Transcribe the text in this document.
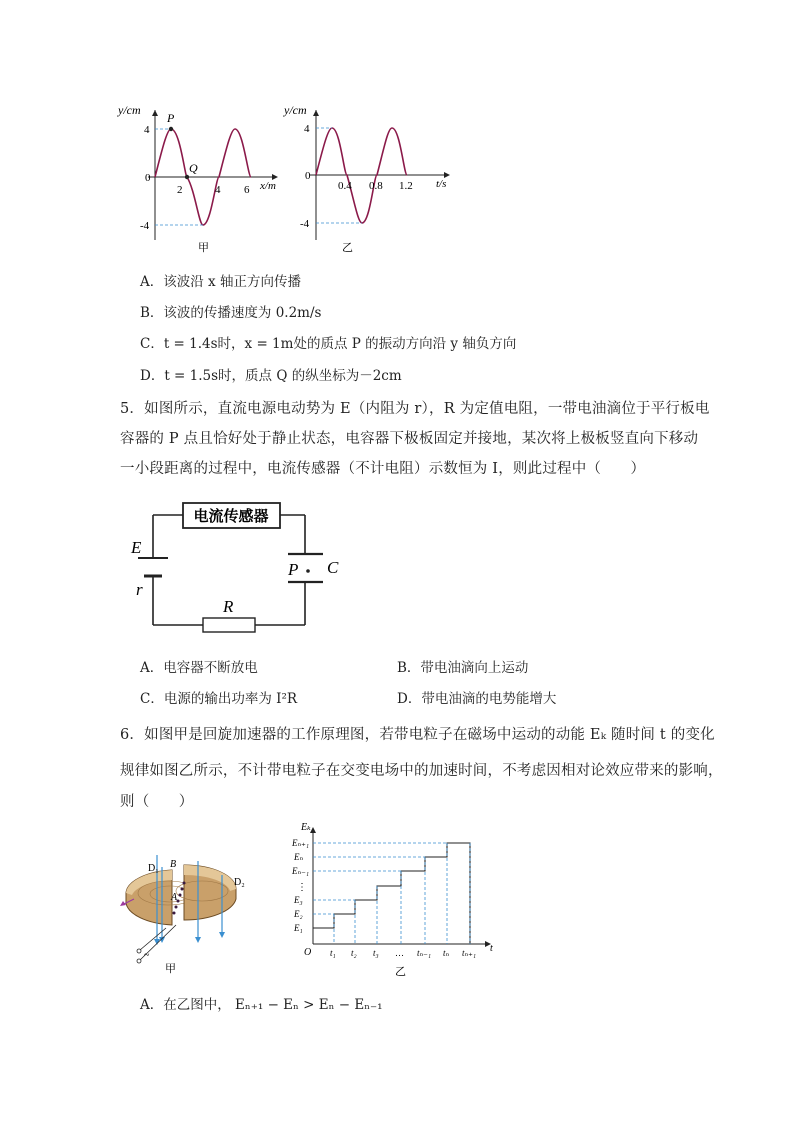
y/cm
P
Q
4
0
-4
2	4 6 x/m
甲
y/cm
4
0
-4
0.4 0.8 1.2 t/s
乙
A．该波沿 x 轴正方向传播
B．该波的传播速度为 0.2m/s
C．t = 1.4s时，x = 1m处的质点 P 的振动方向沿 y 轴负方向
D．t = 1.5s时，质点 Q 的纵坐标为－2cm
5．如图所示，直流电源电动势为 E（内阻为 r），R 为定值电阻，一带电油滴位于平行板电
容器的 P 点且恰好处于静止状态，电容器下极板固定并接地，某次将上极板竖直向下移动
一小段距离的过程中，电流传感器（不计电阻）示数恒为 I，则此过程中（　　）
电流传感器
E
r
P C
R
A．电容器不断放电	B．带电油滴向上运动
C．电源的输出功率为 I²R	D．带电油滴的电势能增大
6．如图甲是回旋加速器的工作原理图，若带电粒子在磁场中运动的动能 Eₖ 随时间 t 的变化
规律如图乙所示，不计带电粒子在交变电场中的加速时间，不考虑因相对论效应带来的影响，
则（　　）
D₁ B
A
D₂
~
甲
Eₖ
Eₙ₊₁
Eₙ
Eₙ₋₁
⋮
E₃
E₂
E₁
O t₁ t₂ t₃ … tₙ₋₁ tₙ tₙ₊₁ t
乙
A．在乙图中， Eₙ₊₁ − Eₙ > Eₙ − Eₙ₋₁
